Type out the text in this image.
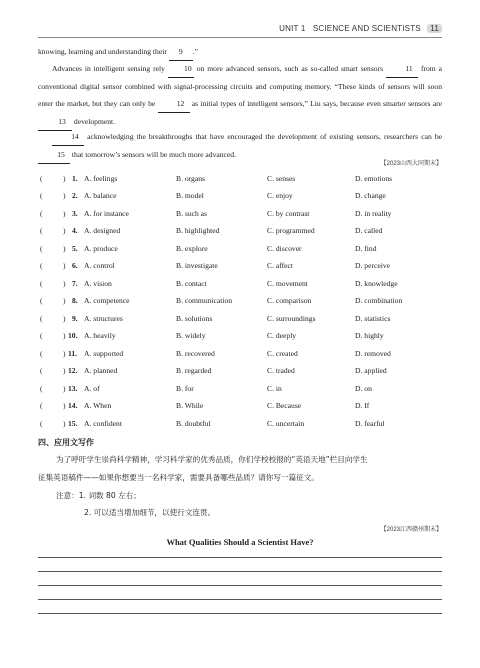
UNIT 1 SCIENCE AND SCIENTISTS 11
knowing, learning and understanding their 9 .”
Advances in intelligent sensing rely	10 on more advanced sensors, such as so-called smart sensors	11 from a conventional digital sensor combined with signal-processing circuits and computing memory. “These kinds of sensors will soon enter the market, but they can only be	12 as initial types of intelligent sensors,” Liu says, because even smarter sensors are 13 development.
14 acknowledging the breakthroughs that have encouraged the development of existing sensors, researchers can be 15 that tomorrow’s sensors will be much more advanced.
【2023山西大同期末】
(	) 1. A. feelings	B. organs	C. senses	D. emotions
(	) 2. A. balance	B. model	C. enjoy	D. change
(	) 3. A. for instance	B. such as	C. by contrast	D. in reality
(	) 4. A. designed	B. highlighted	C. programmed	D. called
(	) 5. A. produce	B. explore	C. discover	D. find
(	) 6. A. control	B. investigate	C. affect	D. perceive
(	) 7. A. vision	B. contact	C. movement	D. knowledge
(	) 8. A. competence	B. communication	C. comparison	D. combination
(	) 9. A. structures	B. solutions	C. surroundings	D. statistics
(	) 10. A. heavily	B. widely	C. deeply	D. highly
(	) 11. A. supported	B. recovered	C. created	D. removed
(	) 12. A. planned	B. regarded	C. traded	D. applied
(	) 13. A. of	B. for	C. in	D. on
(	) 14. A. When	B. While	C. Because	D. If
(	) 15. A. confident	B. doubtful	C. uncertain	D. fearful
四、应用文写作
为了呼吁学生崇尚科学精神，学习科学家的优秀品质，你们学校校报的“英语天地”栏目向学生
征集英语稿件——如果你想要当一名科学家，需要具备哪些品质？请你写一篇征文。
注意：1. 词数 80 左右；
2. 可以适当增加细节，以使行文连贯。
【2023江西赣州期末】
What Qualities Should a Scientist Have?
